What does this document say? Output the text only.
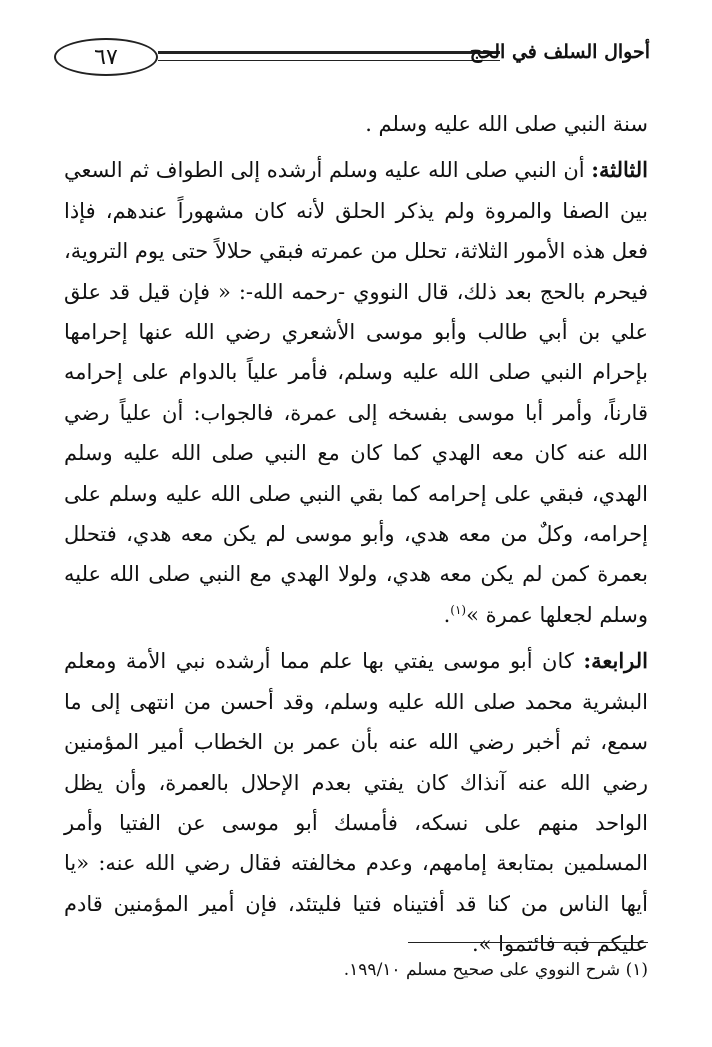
٦٧	أحوال السلف في الحج

سنة النبي صلى الله عليه وسلم .

الثالثة: أن النبي صلى الله عليه وسلم أرشده إلى الطواف ثم السعي بين الصفا والمروة ولم يذكر الحلق لأنه كان مشهوراً عندهم، فإذا فعل هذه الأمور الثلاثة، تحلل من عمرته فبقي حلالاً حتى يوم التروية، فيحرم بالحج بعد ذلك، قال النووي -رحمه الله-: « فإن قيل قد علق علي بن أبي طالب وأبو موسى الأشعري رضي الله عنها إحرامها بإحرام النبي صلى الله عليه وسلم، فأمر علياً بالدوام على إحرامه قارناً، وأمر أبا موسى بفسخه إلى عمرة، فالجواب: أن علياً رضي الله عنه كان معه الهدي كما كان مع النبي صلى الله عليه وسلم الهدي، فبقي على إحرامه كما بقي النبي صلى الله عليه وسلم على إحرامه، وكلٌ من معه هدي، وأبو موسى لم يكن معه هدي، فتحلل بعمرة كمن لم يكن معه هدي، ولولا الهدي مع النبي صلى الله عليه وسلم لجعلها عمرة »$^{(١)}$.

الرابعة: كان أبو موسى يفتي بها علم مما أرشده نبي الأمة ومعلم البشرية محمد صلى الله عليه وسلم، وقد أحسن من انتهى إلى ما سمع، ثم أخبر رضي الله عنه بأن عمر بن الخطاب أمير المؤمنين رضي الله عنه آنذاك كان يفتي بعدم الإحلال بالعمرة، وأن يظل الواحد منهم على نسكه، فأمسك أبو موسى عن الفتيا وأمر المسلمين بمتابعة إمامهم، وعدم مخالفته فقال رضي الله عنه: «يا أيها الناس من كنا قد أفتيناه فتيا فليتئد، فإن أمير المؤمنين قادم عليكم فبه فائتموا ».

(١) شرح النووي على صحيح مسلم ١٩٩/١٠.
